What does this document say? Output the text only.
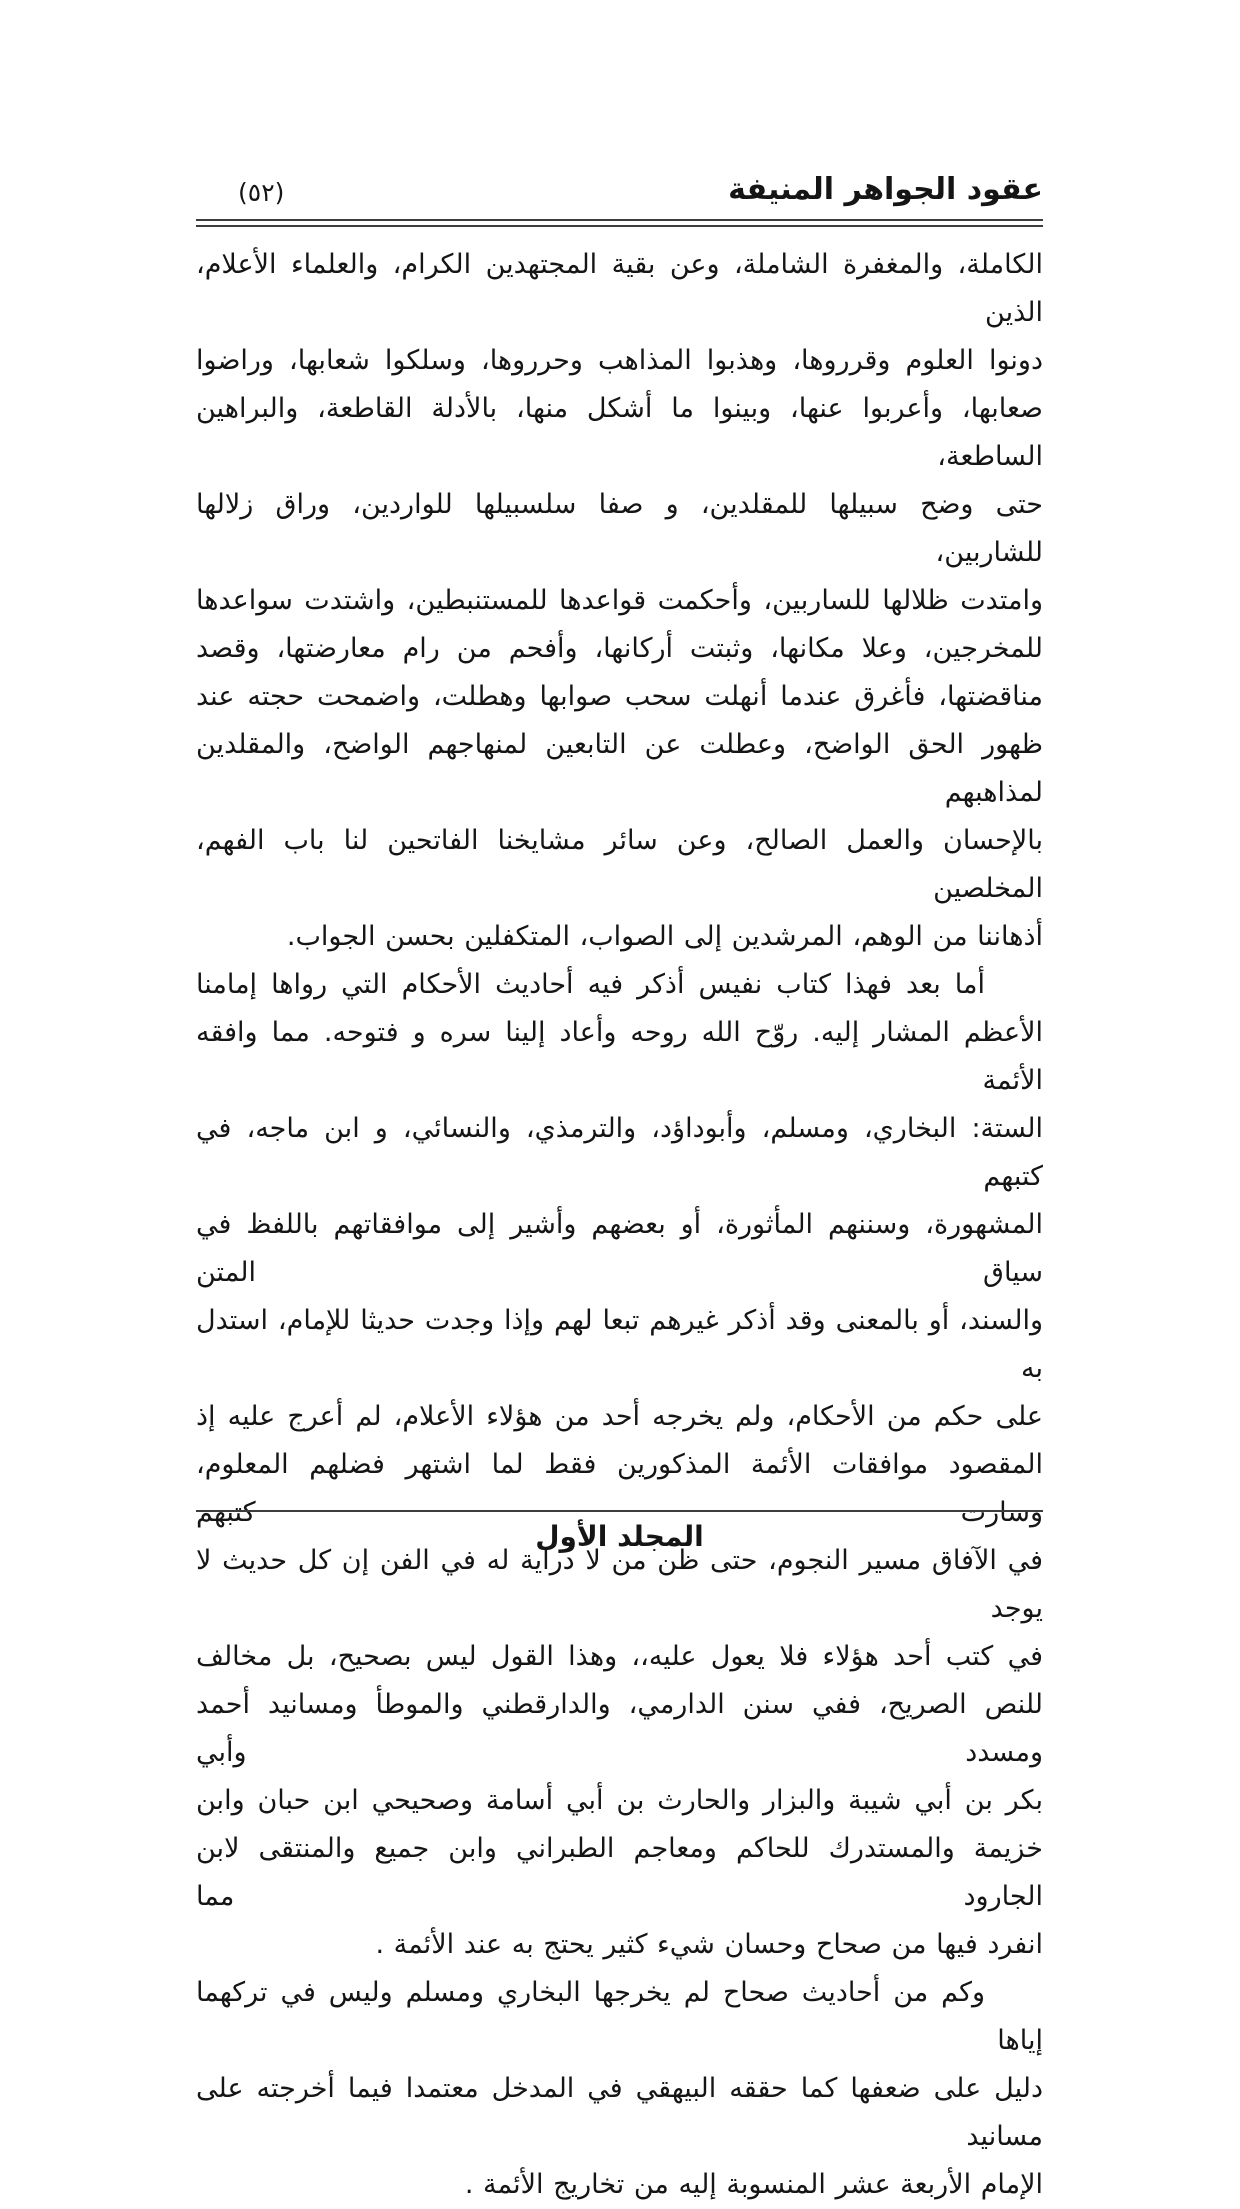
عقود الجواهر المنيفة
(٥٢)
الكاملة، والمغفرة الشاملة، وعن بقية المجتهدين الكرام، والعلماء الأعلام، الذين
دونوا العلوم وقرروها، وهذبوا المذاهب وحرروها، وسلكوا شعابها، وراضوا
صعابها، وأعربوا عنها، وبينوا ما أشكل منها، بالأدلة القاطعة، والبراهين الساطعة،
حتى وضح سبيلها للمقلدين، و صفا سلسبيلها للواردين، وراق زلالها للشاربين،
وامتدت ظلالها للساربين، وأحكمت قواعدها للمستنبطين، واشتدت سواعدها
للمخرجين، وعلا مكانها، وثبتت أركانها، وأفحم من رام معارضتها، وقصد
مناقضتها، فأغرق عندما أنهلت سحب صوابها وهطلت، واضمحت حجته عند
ظهور الحق الواضح، وعطلت عن التابعين لمنهاجهم الواضح، والمقلدين لمذاهبهم
بالإحسان والعمل الصالح، وعن سائر مشايخنا الفاتحين لنا باب الفهم، المخلصين
أذهاننا من الوهم، المرشدين إلى الصواب، المتكفلين بحسن الجواب.
أما بعد فهذا كتاب نفيس أذكر فيه أحاديث الأحكام التي رواها إمامنا
الأعظم المشار إليه. روّح الله روحه وأعاد إلينا سره و فتوحه. مما وافقه الأئمة
الستة: البخاري، ومسلم، وأبوداؤد، والترمذي، والنسائي، و ابن ماجه، في كتبهم
المشهورة، وسننهم المأثورة، أو بعضهم وأشير إلى موافقاتهم باللفظ في سياق المتن
والسند، أو بالمعنى وقد أذكر غيرهم تبعا لهم وإذا وجدت حديثا للإمام، استدل به
على حكم من الأحكام، ولم يخرجه أحد من هؤلاء الأعلام، لم أعرج عليه إذ
المقصود موافقات الأئمة المذكورين فقط لما اشتهر فضلهم المعلوم، وسارت كتبهم
في الآفاق مسير النجوم، حتى ظن من لا دراية له في الفن إن كل حديث لا يوجد
في كتب أحد هؤلاء فلا يعول عليه،، وهذا القول ليس بصحيح، بل مخالف
للنص الصريح، ففي سنن الدارمي، والدارقطني والموطأ ومسانيد أحمد ومسدد وأبي
بكر بن أبي شيبة والبزار والحارث بن أبي أسامة وصحيحي ابن حبان وابن
خزيمة والمستدرك للحاكم ومعاجم الطبراني وابن جميع والمنتقى لابن الجارود مما
انفرد فيها من صحاح وحسان شيء كثير يحتج به عند الأئمة .
وكم من أحاديث صحاح لم يخرجها البخاري ومسلم وليس في تركهما إياها
دليل على ضعفها كما حققه البيهقي في المدخل معتمدا فيما أخرجته على مسانيد
الإمام الأربعة عشر المنسوبة إليه من تخاريج الأئمة .
المجلد الأول
